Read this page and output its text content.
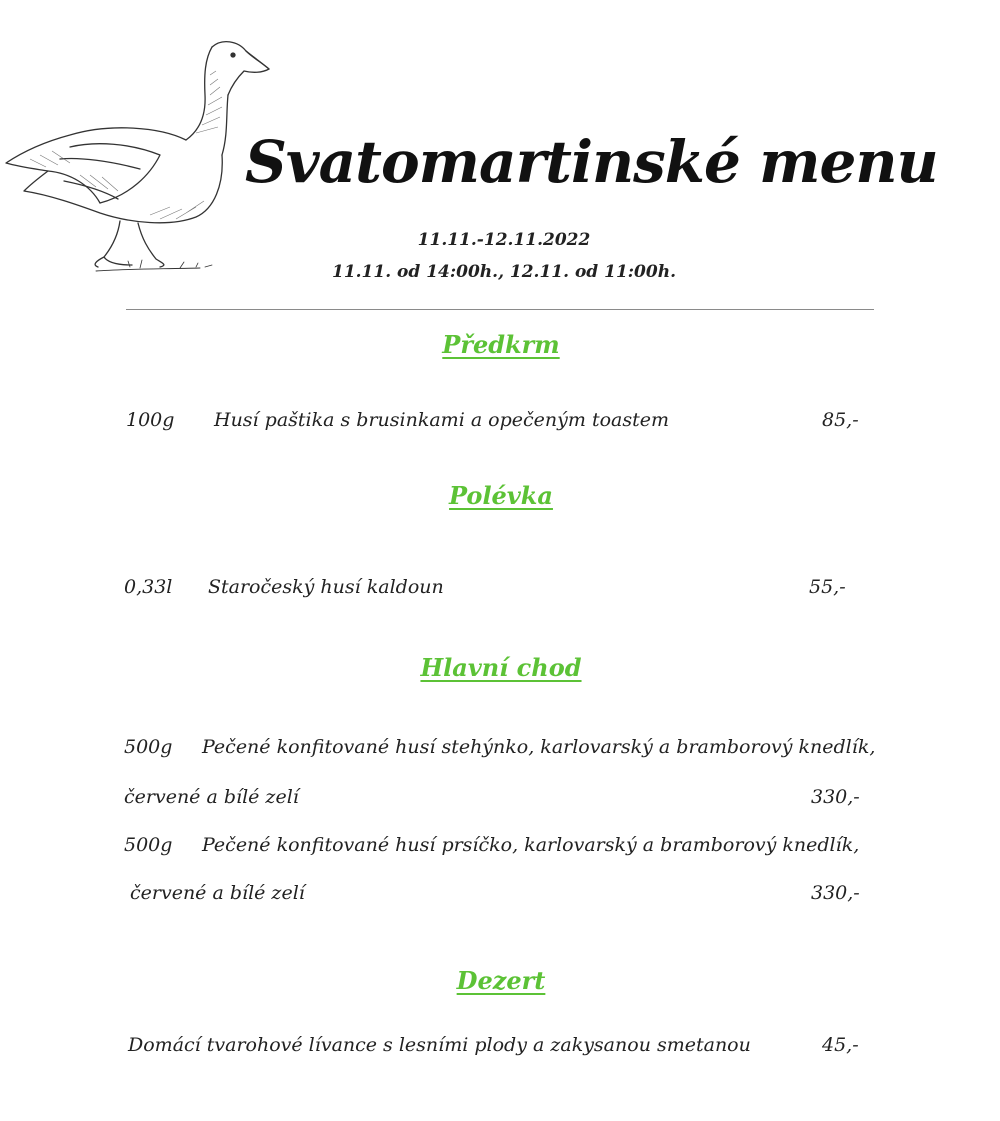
Svatomartinské menu
11.11.-12.11.2022
11.11. od 14:00h., 12.11. od 11:00h.
Předkrm
100g Husí paštika s brusinkami a opečeným toastem	85,-
Polévka
0,33l Staročeský husí kaldoun	55,-
Hlavní chod
500g Pečené konfitované husí stehýnko, karlovarský a bramborový knedlík,
červené a bílé zelí	330,-
500g Pečené konfitované husí prsíčko, karlovarský a bramborový knedlík,
červené a bílé zelí	330,-
Dezert
Domácí tvarohové lívance s lesními plody a zakysanou smetanou	45,-
